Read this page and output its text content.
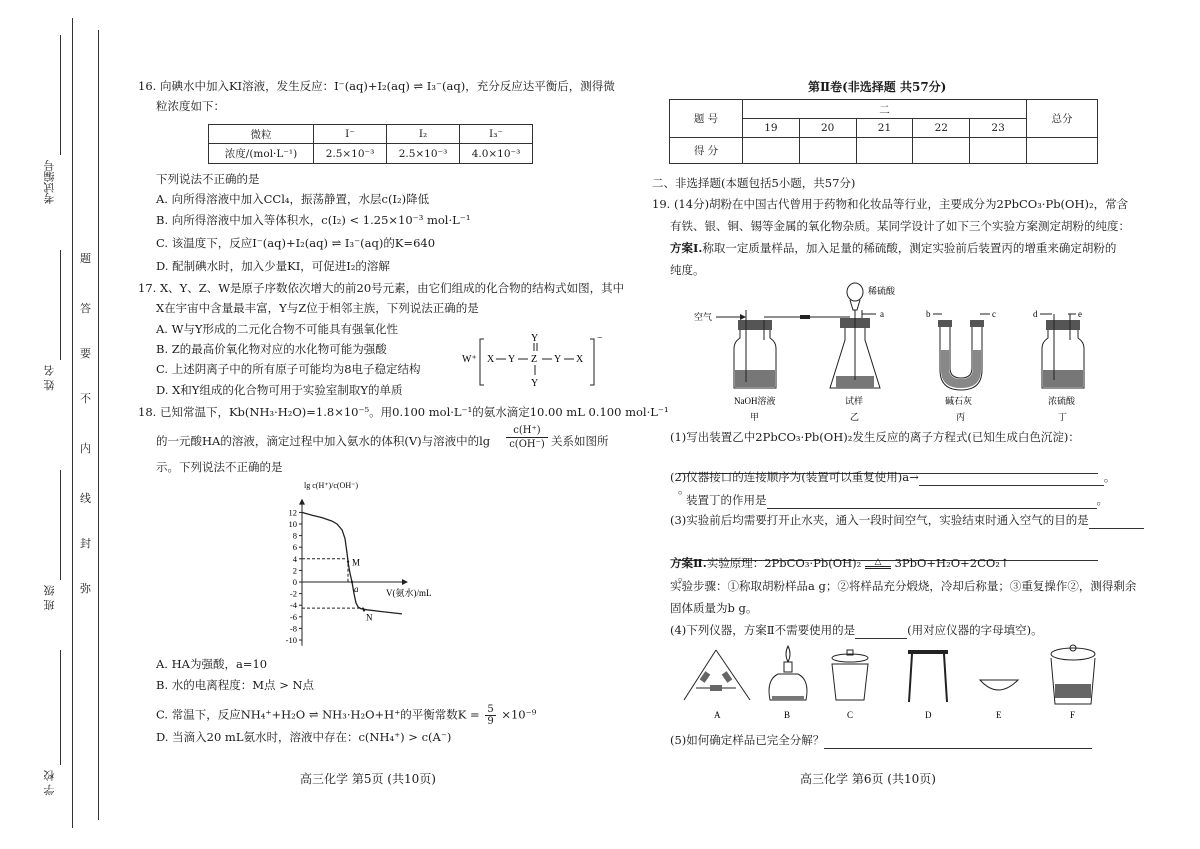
考试编号
姓 名
班 级
学 校
题
答
要
不
内
线
封
弥
16. 向碘水中加入KI溶液，发生反应：I⁻(aq)+I₂(aq) ⇌ I₃⁻(aq)，充分反应达平衡后，测得微
粒浓度如下：
微粒	I⁻	I₂	I₃⁻
浓度/(mol·L⁻¹)	2.5×10⁻³	2.5×10⁻³	4.0×10⁻³
下列说法不正确的是
A. 向所得溶液中加入CCl₄，振荡静置，水层c(I₂)降低
B. 向所得溶液中加入等体积水，c(I₂) < 1.25×10⁻³ mol·L⁻¹
C. 该温度下，反应I⁻(aq)+I₂(aq) ⇌ I₃⁻(aq)的K=640
D. 配制碘水时，加入少量KI，可促进I₂的溶解
17. X、Y、Z、W是原子序数依次增大的前20号元素，由它们组成的化合物的结构式如图，其中
X在宇宙中含量最丰富，Y与Z位于相邻主族，下列说法正确的是
A. W与Y形成的二元化合物不可能具有强氧化性
B. Z的最高价氧化物对应的水化物可能为强酸
C. 上述阴离子中的所有原子可能均为8电子稳定结构
D. X和Y组成的化合物可用于实验室制取Y的单质
W⁺
−
X Y Z Y X
Y
Y
18. 已知常温下，Kb(NH₃·H₂O)=1.8×10⁻⁵。用0.100 mol·L⁻¹的氨水滴定10.00 mL 0.100 mol·L⁻¹
的一元酸HA的溶液，滴定过程中加入氨水的体积(V)与溶液中的$\lg \frac{c(H^+)}{c(OH^-)}$ 关系如图所
示。下列说法不正确的是
lg c(H⁺)/c(OH⁻)
V(氨水)/mL
12
10
8
6
4
2
0
-2
-4
-6
-8
-10
M
a
N
A. HA为强酸，a=10
B. 水的电离程度：M点 > N点
C. 常温下，反应NH₄⁺+H₂O ⇌ NH₃·H₂O+H⁺的平衡常数$K = \frac{5}{9} \times 10^{-9}$
D. 当滴入20 mL氨水时，溶液中存在：c(NH₄⁺) > c(A⁻)
高三化学 第5页 (共10页)
第Ⅱ卷(非选择题 共57分)
题 号	二					总分
	19	20	21	22	23	
得 分						
二、非选择题(本题包括5小题，共57分)
19. (14分)胡粉在中国古代曾用于药物和化妆品等行业，主要成分为2PbCO₃·Pb(OH)₂，常含
有铁、银、铜、锡等金属的氧化物杂质。某同学设计了如下三个实验方案测定胡粉的纯度：
方案Ⅰ.称取一定质量样品，加入足量的稀硫酸，测定实验前后装置丙的增重来确定胡粉的
纯度。
空气
稀硫酸
a	b	c	d	e
NaOH溶液	试样	碱石灰	浓硫酸
甲	乙	丙	丁
(1)写出装置乙中2PbCO₃·Pb(OH)₂发生反应的离子方程式(已知生成白色沉淀)：
。
(2)仪器接口的连接顺序为(装置可以重复使用)a→	。
装置丁的作用是	。
(3)实验前后均需要打开止水夹，通入一段时间空气，实验结束时通入空气的目的是
。
方案Ⅱ.实验原理：2PbCO₃·Pb(OH)₂ △ 3PbO+H₂O+2CO₂↑
实验步骤：①称取胡粉样品a g；②将样品充分煅烧，冷却后称量；③重复操作②，测得剩余
固体质量为b g。
(4)下列仪器，方案Ⅱ不需要使用的是	(用对应仪器的字母填空)。
A	B	C	D	E	F
(5)如何确定样品已完全分解？
高三化学 第6页 (共10页)
